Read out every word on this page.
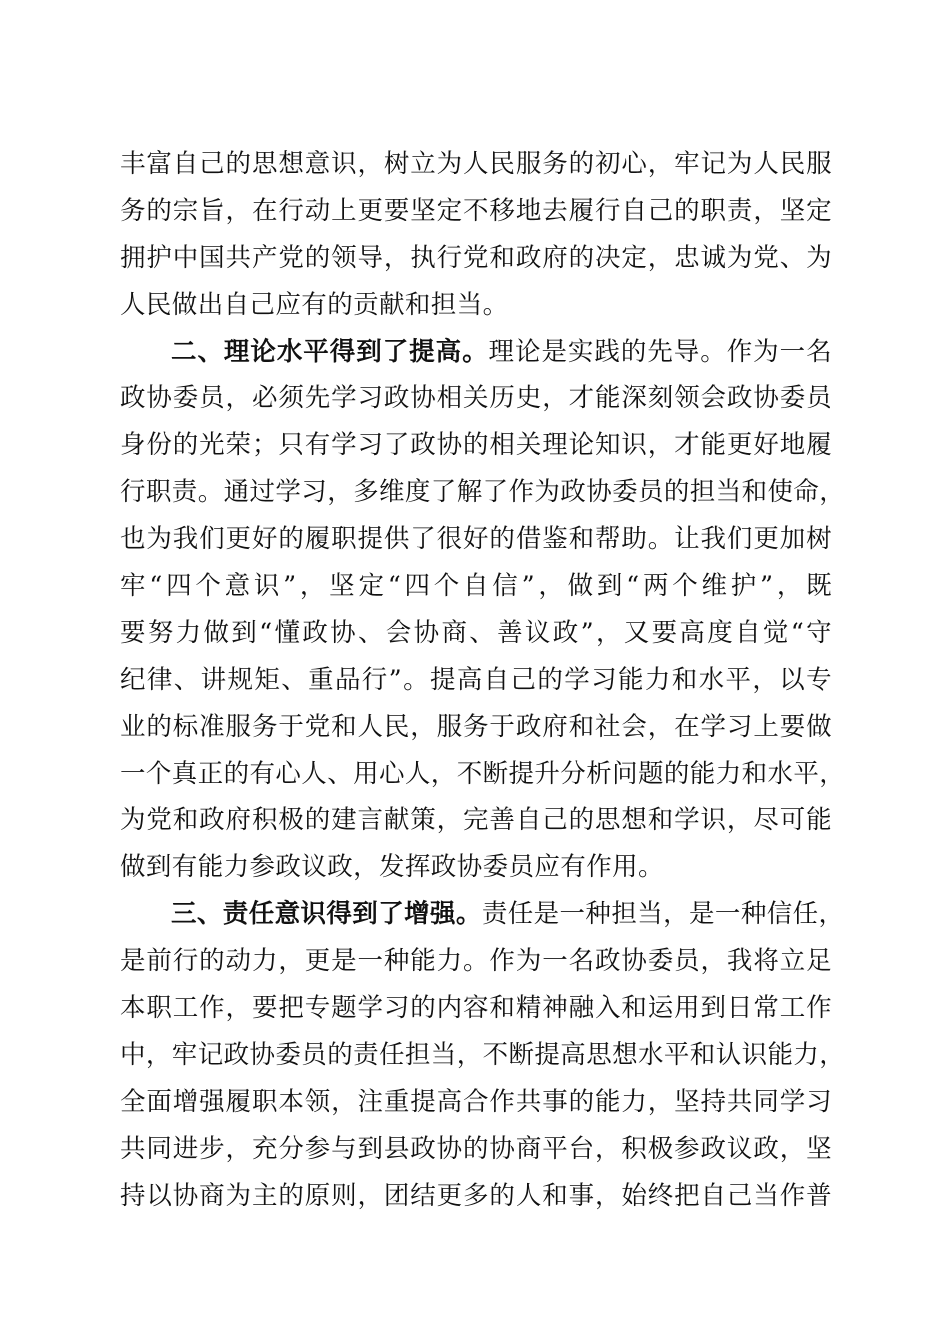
丰富自己的思想意识，树立为人民服务的初心，牢记为人民服
务的宗旨，在行动上更要坚定不移地去履行自己的职责，坚定
拥护中国共产党的领导，执行党和政府的决定，忠诚为党、为
人民做出自己应有的贡献和担当。
二、理论水平得到了提高。理论是实践的先导。作为一名
政协委员，必须先学习政协相关历史，才能深刻领会政协委员
身份的光荣；只有学习了政协的相关理论知识，才能更好地履
行职责。通过学习，多维度了解了作为政协委员的担当和使命，
也为我们更好的履职提供了很好的借鉴和帮助。让我们更加树
牢“四个意识”，坚定“四个自信”，做到“两个维护”，既
要努力做到“懂政协、会协商、善议政”，又要高度自觉“守
纪律、讲规矩、重品行”。提高自己的学习能力和水平，以专
业的标准服务于党和人民，服务于政府和社会，在学习上要做
一个真正的有心人、用心人，不断提升分析问题的能力和水平，
为党和政府积极的建言献策，完善自己的思想和学识，尽可能
做到有能力参政议政，发挥政协委员应有作用。
三、责任意识得到了增强。责任是一种担当，是一种信任，
是前行的动力，更是一种能力。作为一名政协委员，我将立足
本职工作，要把专题学习的内容和精神融入和运用到日常工作
中，牢记政协委员的责任担当，不断提高思想水平和认识能力，
全面增强履职本领，注重提高合作共事的能力，坚持共同学习
共同进步，充分参与到县政协的协商平台，积极参政议政，坚
持以协商为主的原则，团结更多的人和事，始终把自己当作普
